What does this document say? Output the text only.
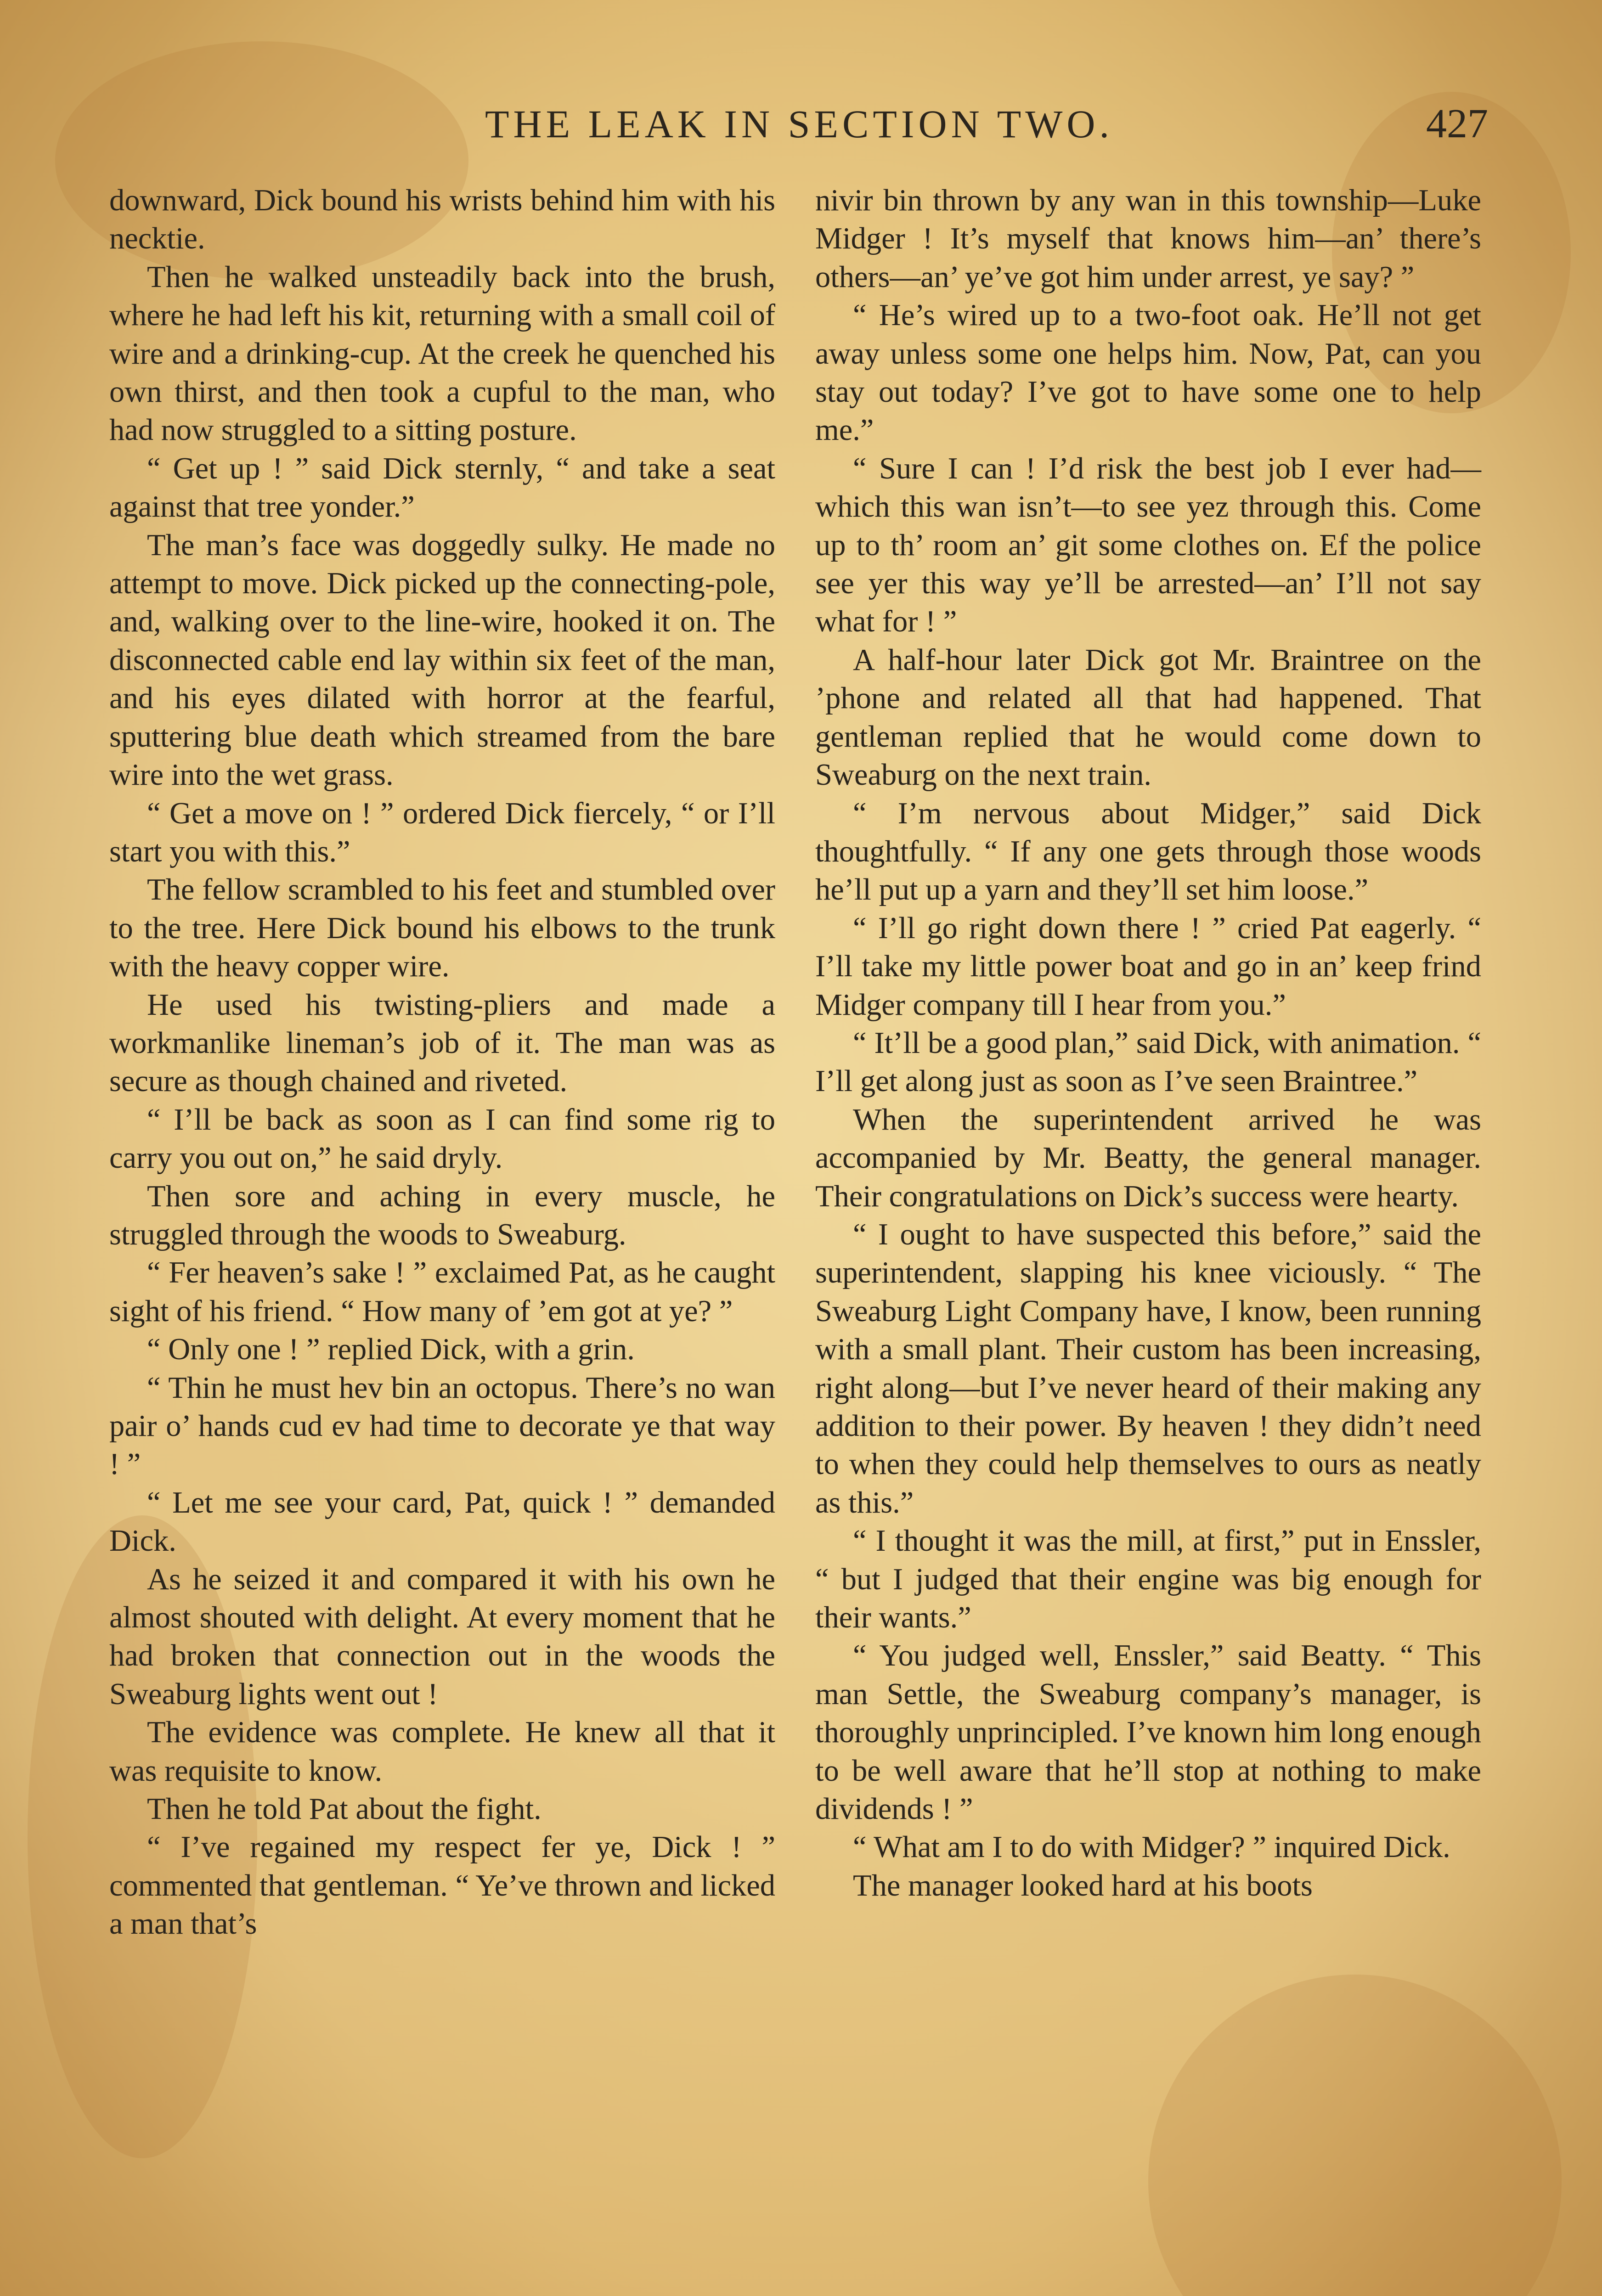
THE LEAK IN SECTION TWO.	427

downward, Dick bound his wrists behind him with his necktie.

Then he walked unsteadily back into the brush, where he had left his kit, returning with a small coil of wire and a drinking-cup. At the creek he quenched his own thirst, and then took a cupful to the man, who had now struggled to a sitting posture.

“ Get up ! ” said Dick sternly, “ and take a seat against that tree yonder.”

The man’s face was doggedly sulky. He made no attempt to move. Dick picked up the connecting-pole, and, walking over to the line-wire, hooked it on. The disconnected cable end lay within six feet of the man, and his eyes dilated with horror at the fearful, sputtering blue death which streamed from the bare wire into the wet grass.

“ Get a move on ! ” ordered Dick fiercely, “ or I’ll start you with this.”

The fellow scrambled to his feet and stumbled over to the tree. Here Dick bound his elbows to the trunk with the heavy copper wire.

He used his twisting-pliers and made a workmanlike lineman’s job of it. The man was as secure as though chained and riveted.

“ I’ll be back as soon as I can find some rig to carry you out on,” he said dryly.

Then sore and aching in every muscle, he struggled through the woods to Sweaburg.

“ Fer heaven’s sake ! ” exclaimed Pat, as he caught sight of his friend. “ How many of ’em got at ye? ”

“ Only one ! ” replied Dick, with a grin.

“ Thin he must hev bin an octopus. There’s no wan pair o’ hands cud ev had time to decorate ye that way ! ”

“ Let me see your card, Pat, quick ! ” demanded Dick.

As he seized it and compared it with his own he almost shouted with delight. At every moment that he had broken that connection out in the woods the Sweaburg lights went out !

The evidence was complete. He knew all that it was requisite to know.

Then he told Pat about the fight.

“ I’ve regained my respect fer ye, Dick ! ” commented that gentleman. “ Ye’ve thrown and licked a man that’s

nivir bin thrown by any wan in this township—Luke Midger ! It’s myself that knows him—an’ there’s others—an’ ye’ve got him under arrest, ye say? ”

“ He’s wired up to a two-foot oak. He’ll not get away unless some one helps him. Now, Pat, can you stay out today? I’ve got to have some one to help me.”

“ Sure I can ! I’d risk the best job I ever had—which this wan isn’t—to see yez through this. Come up to th’ room an’ git some clothes on. Ef the police see yer this way ye’ll be arrested—an’ I’ll not say what for ! ”

A half-hour later Dick got Mr. Braintree on the ’phone and related all that had happened. That gentleman replied that he would come down to Sweaburg on the next train.

“ I’m nervous about Midger,” said Dick thoughtfully. “ If any one gets through those woods he’ll put up a yarn and they’ll set him loose.”

“ I’ll go right down there ! ” cried Pat eagerly. “ I’ll take my little power boat and go in an’ keep frind Midger company till I hear from you.”

“ It’ll be a good plan,” said Dick, with animation. “ I’ll get along just as soon as I’ve seen Braintree.”

When the superintendent arrived he was accompanied by Mr. Beatty, the general manager. Their congratulations on Dick’s success were hearty.

“ I ought to have suspected this before,” said the superintendent, slapping his knee viciously. “ The Sweaburg Light Company have, I know, been running with a small plant. Their custom has been increasing, right along—but I’ve never heard of their making any addition to their power. By heaven ! they didn’t need to when they could help themselves to ours as neatly as this.”

“ I thought it was the mill, at first,” put in Enssler, “ but I judged that their engine was big enough for their wants.”

“ You judged well, Enssler,” said Beatty. “ This man Settle, the Sweaburg company’s manager, is thoroughly unprincipled. I’ve known him long enough to be well aware that he’ll stop at nothing to make dividends ! ”

“ What am I to do with Midger? ” inquired Dick.

The manager looked hard at his boots
